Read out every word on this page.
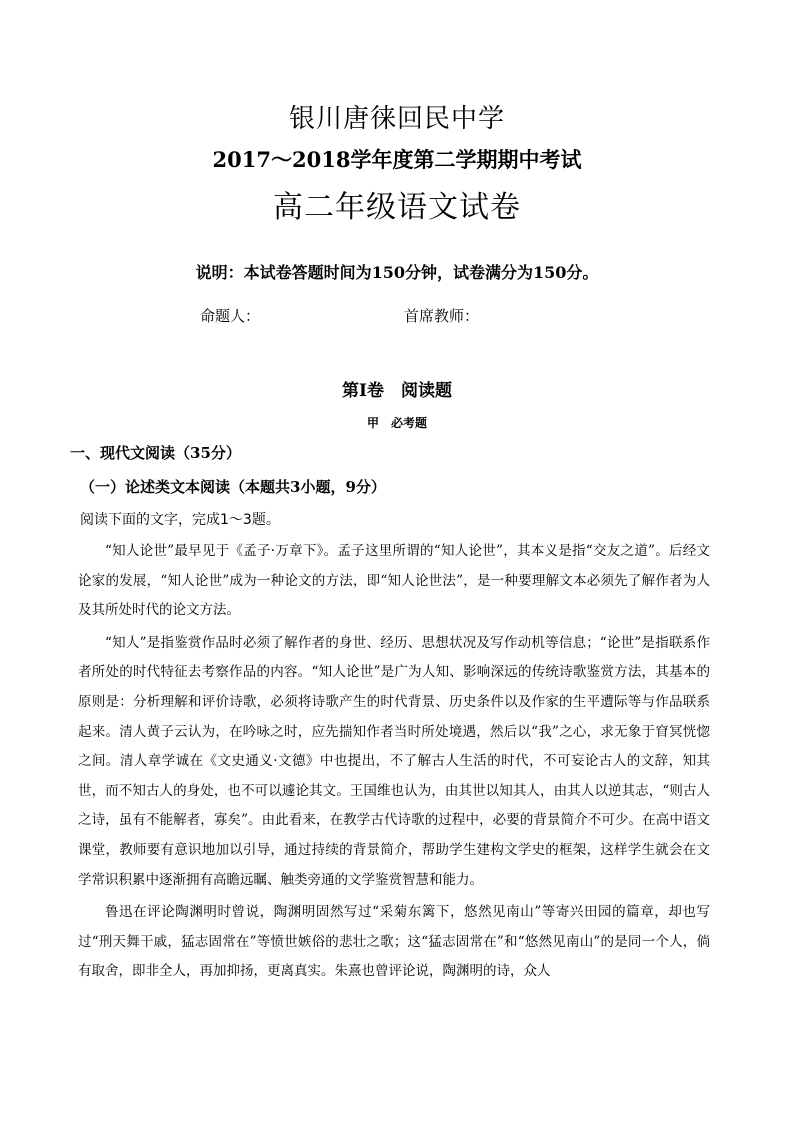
银川唐徕回民中学
2017～2018学年度第二学期期中考试
高二年级语文试卷
说明：本试卷答题时间为150分钟，试卷满分为150分。
命题人：	首席教师：
第Ⅰ卷　阅读题
甲　必考题
一、现代文阅读（35分）
（一）论述类文本阅读（本题共3小题，9分）
阅读下面的文字，完成1～3题。

“知人论世”最早见于《孟子·万章下》。孟子这里所谓的“知人论世”，其本义是指“交友之道”。后经文论家的发展，“知人论世”成为一种论文的方法，即“知人论世法”，是一种要理解文本必须先了解作者为人及其所处时代的论文方法。

“知人”是指鉴赏作品时必须了解作者的身世、经历、思想状况及写作动机等信息；“论世”是指联系作者所处的时代特征去考察作品的内容。“知人论世”是广为人知、影响深远的传统诗歌鉴赏方法，其基本的原则是：分析理解和评价诗歌，必须将诗歌产生的时代背景、历史条件以及作家的生平遭际等与作品联系起来。清人黄子云认为，在吟咏之时，应先揣知作者当时所处境遇，然后以“我”之心，求无象于窅冥恍惚之间。清人章学诚在《文史通义·文德》中也提出，不了解古人生活的时代，不可妄论古人的文辞，知其世，而不知古人的身处，也不可以遽论其文。王国维也认为，由其世以知其人，由其人以逆其志，“则古人之诗，虽有不能解者，寡矣”。由此看来，在教学古代诗歌的过程中，必要的背景简介不可少。在高中语文课堂，教师要有意识地加以引导，通过持续的背景简介，帮助学生建构文学史的框架，这样学生就会在文学常识积累中逐渐拥有高瞻远瞩、触类旁通的文学鉴赏智慧和能力。

鲁迅在评论陶渊明时曾说，陶渊明固然写过“采菊东篱下，悠然见南山”等寄兴田园的篇章，却也写过“刑天舞干戚，猛志固常在”等愤世嫉俗的悲壮之歌；这“猛志固常在”和“悠然见南山”的是同一个人，倘有取舍，即非全人，再加抑扬，更离真实。朱熹也曾评论说，陶渊明的诗，众人
